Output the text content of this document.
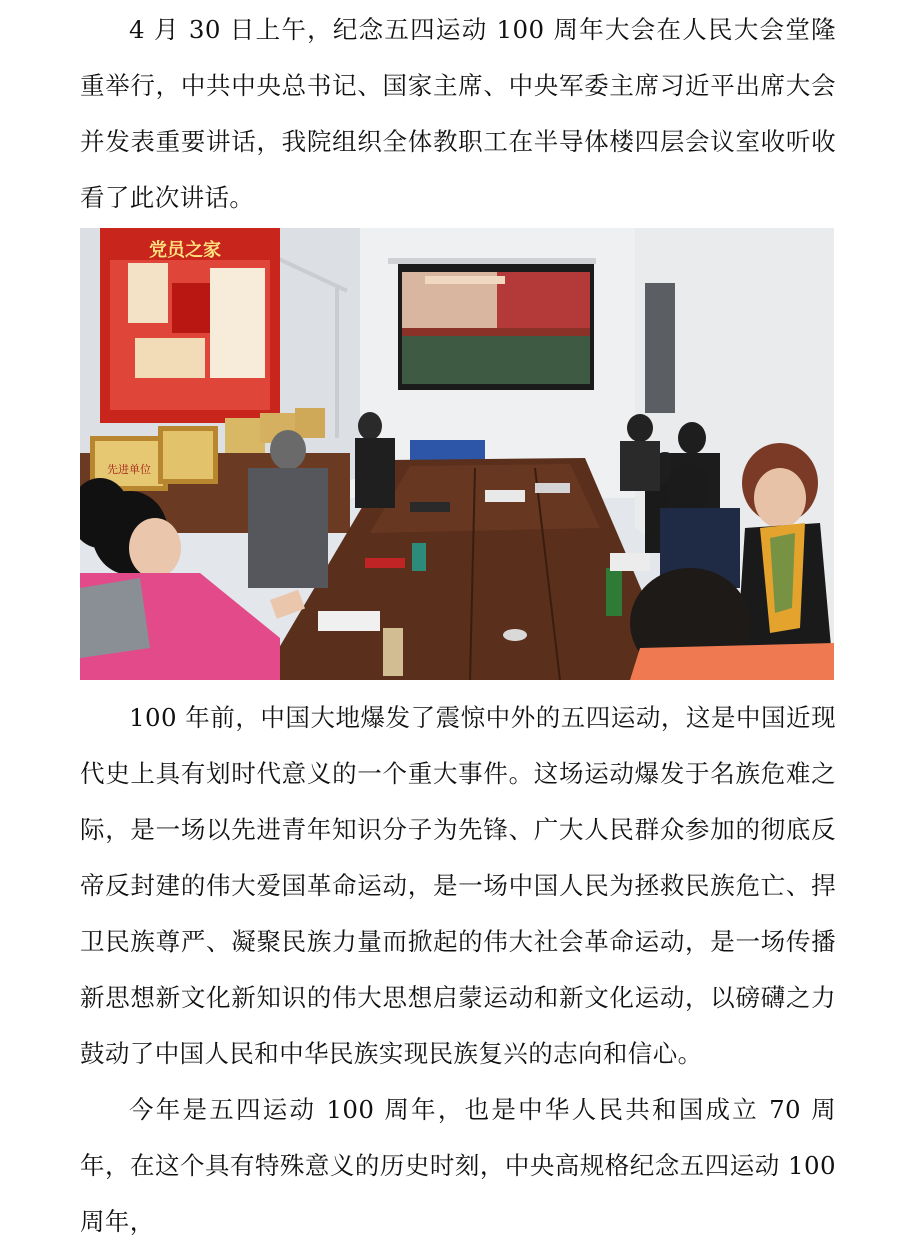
4 月 30 日上午，纪念五四运动 100 周年大会在人民大会堂隆重举行，中共中央总书记、国家主席、中央军委主席习近平出席大会并发表重要讲话，我院组织全体教职工在半导体楼四层会议室收听收看了此次讲话。

党员之家
先进单位

100 年前，中国大地爆发了震惊中外的五四运动，这是中国近现代史上具有划时代意义的一个重大事件。这场运动爆发于名族危难之际，是一场以先进青年知识分子为先锋、广大人民群众参加的彻底反帝反封建的伟大爱国革命运动，是一场中国人民为拯救民族危亡、捍卫民族尊严、凝聚民族力量而掀起的伟大社会革命运动，是一场传播新思想新文化新知识的伟大思想启蒙运动和新文化运动，以磅礴之力鼓动了中国人民和中华民族实现民族复兴的志向和信心。

今年是五四运动 100 周年，也是中华人民共和国成立 70 周年，在这个具有特殊意义的历史时刻，中央高规格纪念五四运动 100 周年，
